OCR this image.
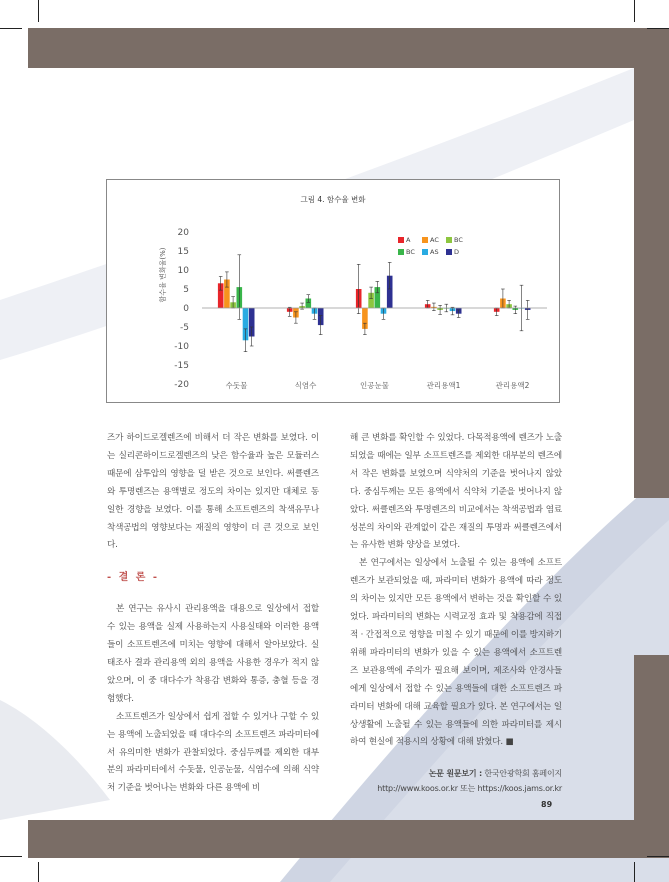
그림 4. 함수율 변화
함수율 변화율(%)
20
15
10
5
0
-5
-10
-15
-20	수돗물	식염수	인공눈물	관리용액1	관리용액2
A	AC BC
BC AS D

즈가 하이드로겔렌즈에 비해서 더 작은 변화를 보였다. 이는 실리콘하이드로겔렌즈의 낮은 함수율과 높은 모듈러스 때문에 삼투압의 영향을 덜 받은 것으로 보인다. 써클렌즈와 투명렌즈는 용액별로 정도의 차이는 있지만 대체로 동일한 경향을 보였다. 이를 통해 소프트렌즈의 착색유무나 착색공법의 영향보다는 재질의 영향이 더 큰 것으로 보인다.

- 결 론 -

본 연구는 유사시 관리용액을 대용으로 일상에서 접할 수 있는 용액을 실제 사용하는지 사용실태와 이러한 용액들이 소프트렌즈에 미치는 영향에 대해서 알아보았다. 실태조사 결과 관리용액 외의 용액을 사용한 경우가 적지 않았으며, 이 중 대다수가 착용감 변화와 통증, 충혈 등을 경험했다.

소프트렌즈가 일상에서 쉽게 접할 수 있거나 구할 수 있는 용액에 노출되었을 때 대다수의 소프트렌즈 파라미터에서 유의미한 변화가 관찰되었다. 중심두께를 제외한 대부분의 파라미터에서 수돗물, 인공눈물, 식염수에 의해 식약처 기준을 벗어나는 변화와 다른 용액에 비

해 큰 변화를 확인할 수 있었다. 다목적용액에 렌즈가 노출되었을 때에는 일부 소프트렌즈를 제외한 대부분의 렌즈에서 작은 변화를 보였으며 식약처의 기준을 벗어나지 않았다. 중심두께는 모든 용액에서 식약처 기준을 벗어나지 않았다. 써클렌즈와 투명렌즈의 비교에서는 착색공법과 염료성분의 차이와 관계없이 같은 재질의 투명과 써클렌즈에서는 유사한 변화 양상을 보였다.

본 연구에서는 일상에서 노출될 수 있는 용액에 소프트렌즈가 보관되었을 때, 파라미터 변화가 용액에 따라 정도의 차이는 있지만 모든 용액에서 변하는 것을 확인할 수 있었다. 파라미터의 변화는 시력교정 효과 및 착용감에 직접적 · 간접적으로 영향을 미칠 수 있기 때문에 이를 방지하기 위해 파라미터의 변화가 있을 수 있는 용액에서 소프트렌즈 보관용액에 주의가 필요해 보이며, 제조사와 안경사들에게 일상에서 접할 수 있는 용액들에 대한 소프트렌즈 파라미터 변화에 대해 교육할 필요가 있다. 본 연구에서는 일상생활에 노출될 수 있는 용액들에 의한 파라미터를 제시하여 현실에 적용시의 상황에 대해 밝혔다. ■

논문 원문보기 : 한국안광학회 홈페이지
http://www.koos.or.kr 또는 https://koos.jams.or.kr

89
